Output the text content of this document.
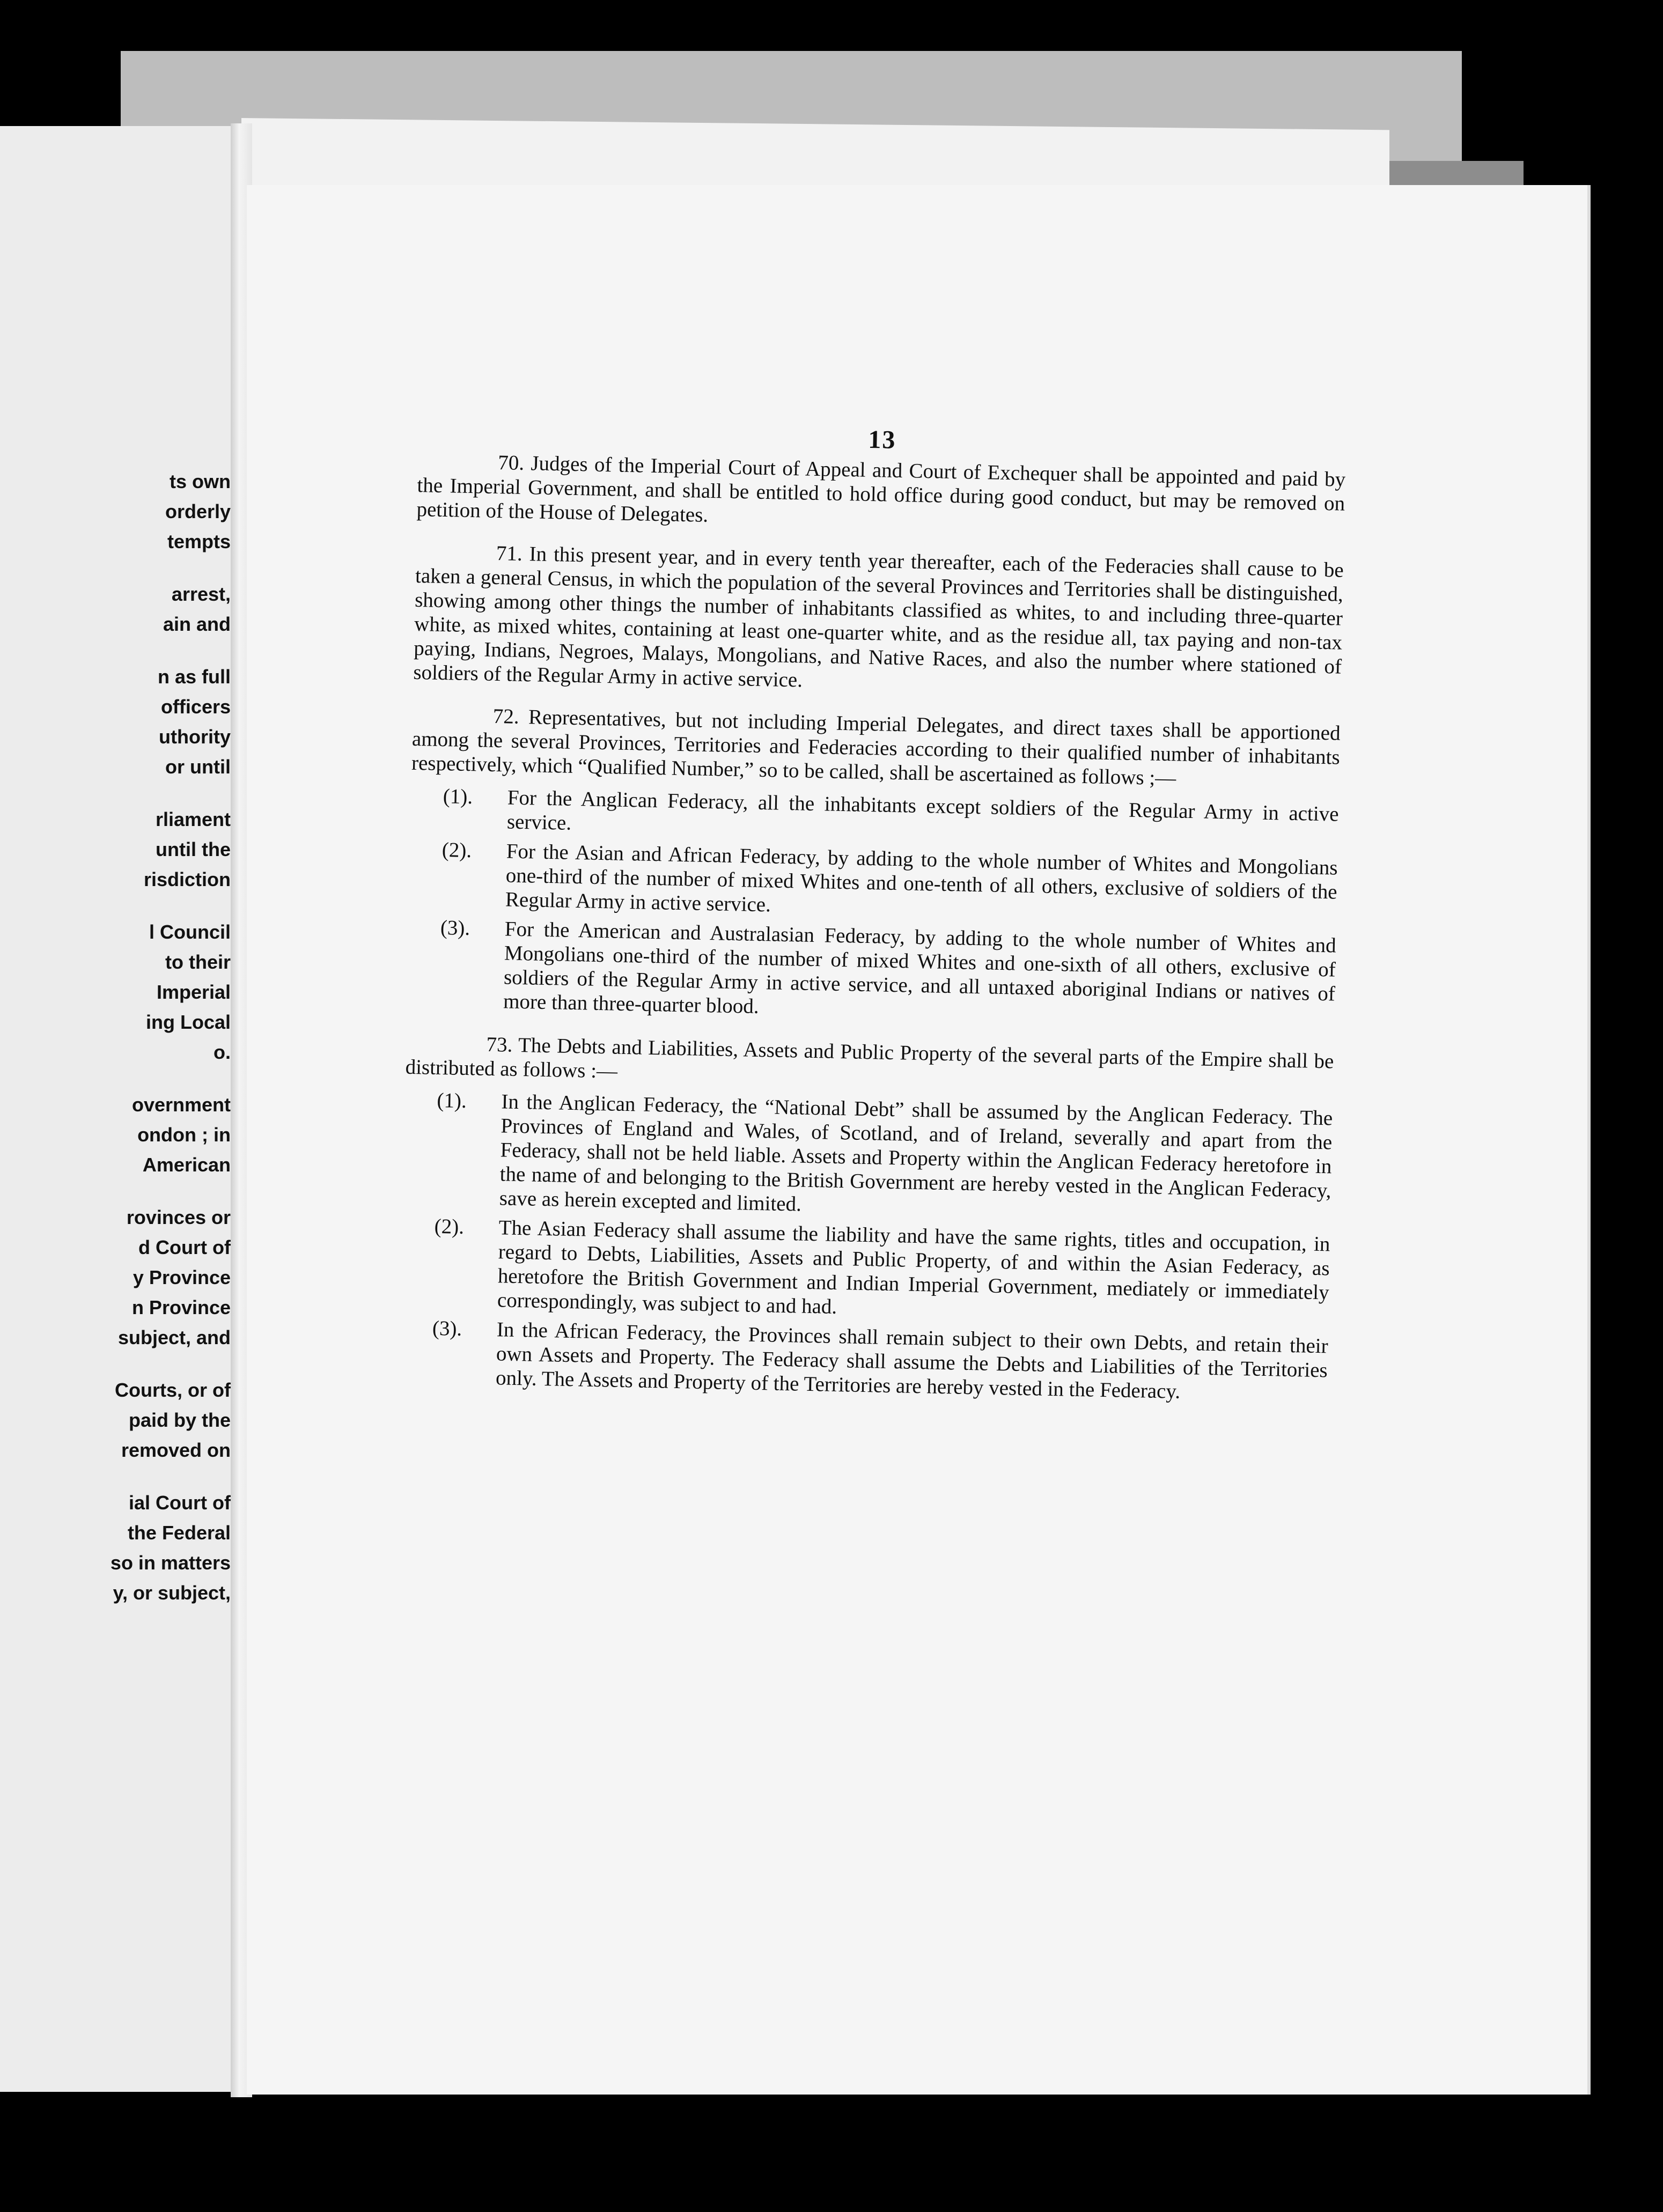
ts own
orderly
tempts
arrest,
ain and
n as full
officers
uthority
or until
rliament
until the
risdiction
l Council
to their
Imperial
ing Local
o.
overnment
ondon ; in
American
rovinces or
d Court of
y Province
n Province
subject, and
Courts, or of
paid by the
removed on
ial Court of
the Federal
so in matters
y, or subject,
13

70. Judges of the Imperial Court of Appeal and Court of Exchequer shall be appointed and paid by the Imperial Government, and shall be entitled to hold office during good conduct, but may be removed on petition of the House of Delegates.

71. In this present year, and in every tenth year thereafter, each of the Federacies shall cause to be taken a general Census, in which the population of the several Provinces and Territories shall be distinguished, showing among other things the number of inhabitants classified as whites, to and including three-quarter white, as mixed whites, containing at least one-quarter white, and as the residue all, tax paying and non-tax paying, Indians, Negroes, Malays, Mongolians, and Native Races, and also the number where stationed of soldiers of the Regular Army in active service.

72. Representatives, but not including Imperial Delegates, and direct taxes shall be apportioned among the several Provinces, Territories and Federacies according to their qualified number of inhabitants respectively, which “Qualified Number,” so to be called, shall be ascertained as follows ;—

(1).	For the Anglican Federacy, all the inhabitants except soldiers of the Regular Army in active service.
(2).	For the Asian and African Federacy, by adding to the whole number of Whites and Mongolians one-third of the number of mixed Whites and one-tenth of all others, exclusive of soldiers of the Regular Army in active service.
(3).	For the American and Australasian Federacy, by adding to the whole number of Whites and Mongolians one-third of the number of mixed Whites and one-sixth of all others, exclusive of soldiers of the Regular Army in active service, and all untaxed aboriginal Indians or natives of more than three-quarter blood.

73. The Debts and Liabilities, Assets and Public Property of the several parts of the Empire shall be distributed as follows :—

(1).	In the Anglican Federacy, the “National Debt” shall be assumed by the Anglican Federacy. The Provinces of England and Wales, of Scotland, and of Ireland, severally and apart from the Federacy, shall not be held liable. Assets and Property within the Anglican Federacy heretofore in the name of and belonging to the British Government are hereby vested in the Anglican Federacy, save as herein excepted and limited.
(2).	The Asian Federacy shall assume the liability and have the same rights, titles and occupation, in regard to Debts, Liabilities, Assets and Public Property, of and within the Asian Federacy, as heretofore the British Government and Indian Imperial Government, mediately or immediately correspondingly, was subject to and had.
(3).	In the African Federacy, the Provinces shall remain subject to their own Debts, and retain their own Assets and Property. The Federacy shall assume the Debts and Liabilities of the Territories only. The Assets and Property of the Territories are hereby vested in the Federacy.
